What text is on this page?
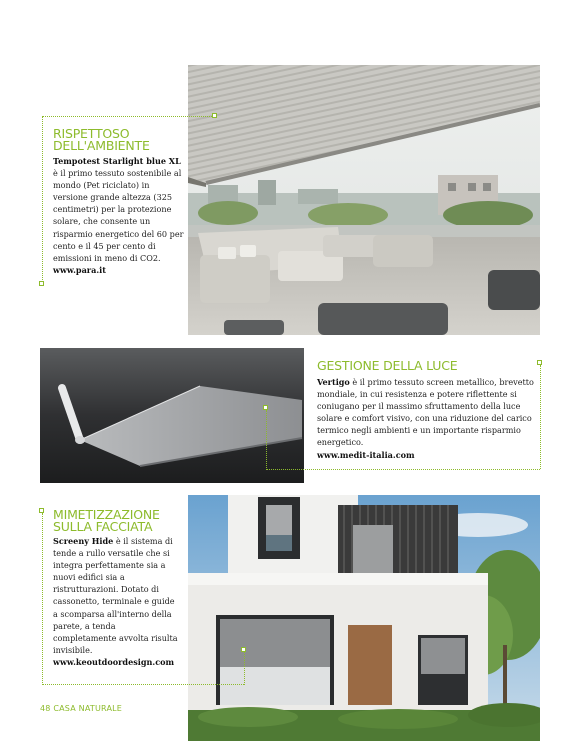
RISPETTOSO
DELL'AMBIENTE
Tempotest Starlight blue XL è il primo tessuto sostenibile al mondo (Pet riciclato) in versione grande altezza (325 centimetri) per la protezione solare, che consente un risparmio energetico del 60 per cento e il 45 per cento di emissioni in meno di CO2.
www.para.it
GESTIONE DELLA LUCE
Vertigo è il primo tessuto screen metallico, brevetto mondiale, in cui resistenza e potere riflettente si coniugano per il massimo sfruttamento della luce solare e comfort visivo, con una riduzione del carico termico negli ambienti e un importante risparmio energetico.
www.medit-italia.com
MIMETIZZAZIONE
SULLA FACCIATA
Screeny Hide è il sistema di tende a rullo versatile che si integra perfettamente sia a nuovi edifici sia a ristrutturazioni. Dotato di cassonetto, terminale e guide a scomparsa all'interno della parete, a tenda completamente avvolta risulta invisibile.
www.keoutdoordesign.com
48 CASA NATURALE
